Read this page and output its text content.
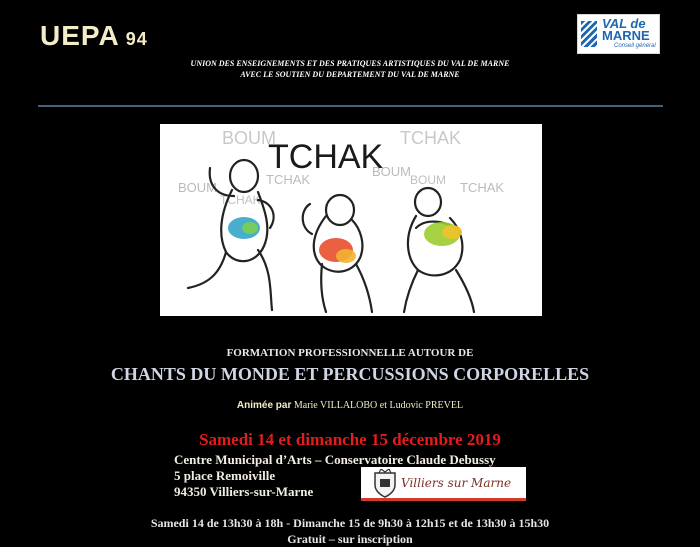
UEPA 94
VAL de
MARNE
Conseil général
UNION DES ENSEIGNEMENTS ET DES PRATIQUES ARTISTIQUES DU VAL DE MARNE
AVEC LE SOUTIEN DU DEPARTEMENT DU VAL DE MARNE
BOUM	TCHAK
TCHAK
BOUM
TCHAK
BOUM
TCHAK
BOUM
TCHAK
FORMATION PROFESSIONNELLE AUTOUR DE
CHANTS DU MONDE ET PERCUSSIONS CORPORELLES
Animée par Marie VILLALOBO et Ludovic PREVEL
Samedi 14 et dimanche 15 décembre 2019
Centre Municipal d’Arts – Conservatoire Claude Debussy
5 place Remoiville
94350 Villiers-sur-Marne
Villiers sur Marne
Samedi 14 de 13h30 à 18h - Dimanche 15 de 9h30 à 12h15 et de 13h30 à 15h30
Gratuit – sur inscription
